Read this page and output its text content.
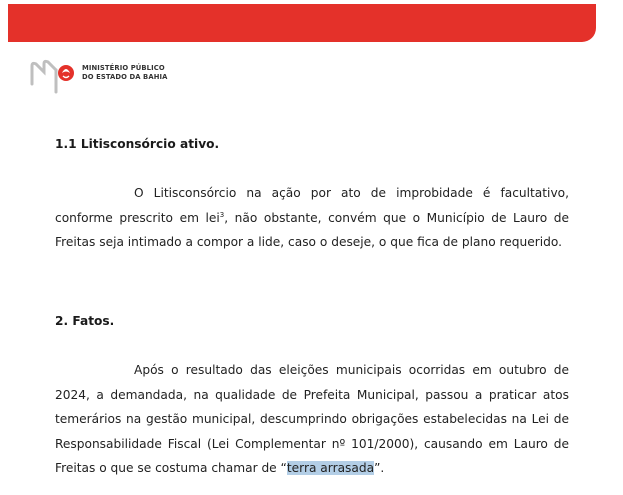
MINISTÉRIO PÚBLICO
DO ESTADO DA BAHIA
1.1 Litisconsórcio ativo.
O Litisconsórcio na ação por ato de improbidade é facultativo,
conforme prescrito em lei$^3$, não obstante, convém que o Município de Lauro de
Freitas seja intimado a compor a lide, caso o deseje, o que fica de plano requerido.
2. Fatos.
Após o resultado das eleições municipais ocorridas em outubro de
2024, a demandada, na qualidade de Prefeita Municipal, passou a praticar atos
temerários na gestão municipal, descumprindo obrigações estabelecidas na Lei de
Responsabilidade Fiscal (Lei Complementar nº 101/2000), causando em Lauro de
Freitas o que se costuma chamar de “terra arrasada”.
